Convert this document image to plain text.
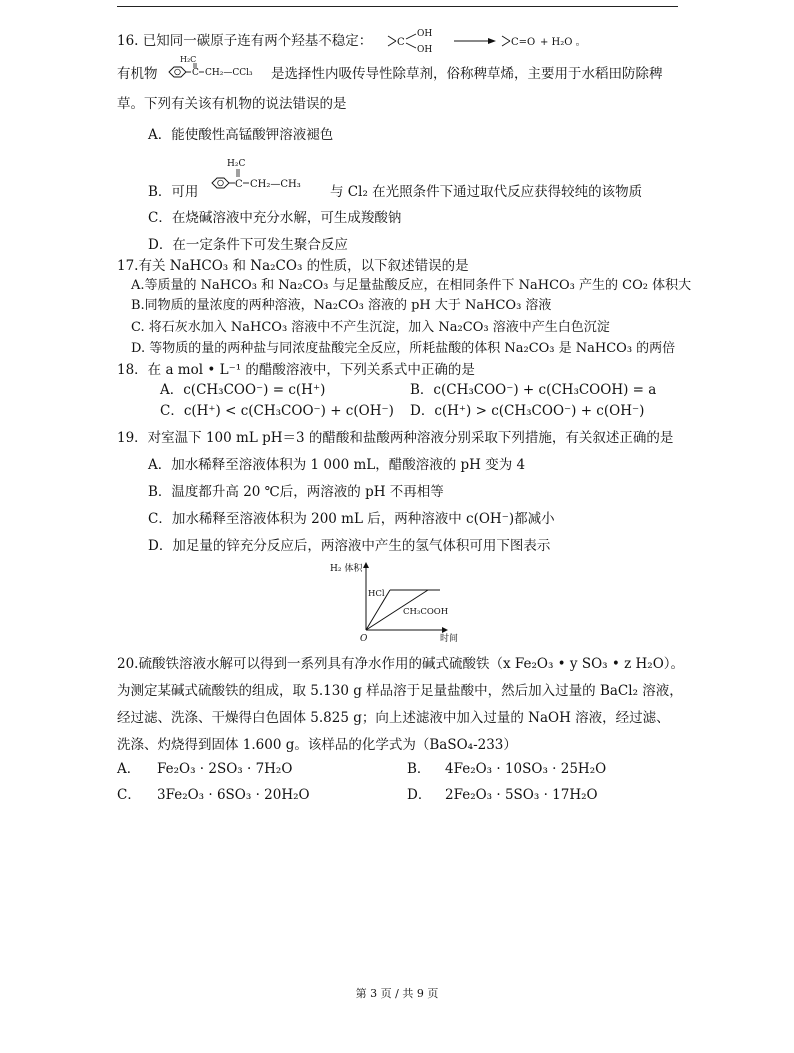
16. 已知同一碳原子连有两个羟基不稳定： C
OH
OH
C=O + H₂O 。
有机物
H₂C
C CH₂—CCl₃ 是选择性内吸传导性除草剂，俗称稗草烯，主要用于水稻田防除稗
草。下列有关该有机物的说法错误的是
A．能使酸性高锰酸钾溶液褪色
B．可用
H₂C
C CH₂—CH₃ 与 Cl₂ 在光照条件下通过取代反应获得较纯的该物质
C．在烧碱溶液中充分水解，可生成羧酸钠
D．在一定条件下可发生聚合反应
17.有关 NaHCO₃ 和 Na₂CO₃ 的性质，以下叙述错误的是
A.等质量的 NaHCO₃ 和 Na₂CO₃ 与足量盐酸反应，在相同条件下 NaHCO₃ 产生的 CO₂ 体积大
B.同物质的量浓度的两种溶液，Na₂CO₃ 溶液的 pH 大于 NaHCO₃ 溶液
C. 将石灰水加入 NaHCO₃ 溶液中不产生沉淀，加入 Na₂CO₃ 溶液中产生白色沉淀
D. 等物质的量的两种盐与同浓度盐酸完全反应，所耗盐酸的体积 Na₂CO₃ 是 NaHCO₃ 的两倍
18．在 a mol • L⁻¹ 的醋酸溶液中，下列关系式中正确的是
A．c(CH₃COO⁻) = c(H⁺)	B．c(CH₃COO⁻) + c(CH₃COOH) = a
C．c(H⁺) < c(CH₃COO⁻) + c(OH⁻) D．c(H⁺) > c(CH₃COO⁻) + c(OH⁻)
19．对室温下 100 mL pH＝3 的醋酸和盐酸两种溶液分别采取下列措施，有关叙述正确的是
A．加水稀释至溶液体积为 1 000 mL，醋酸溶液的 pH 变为 4
B．温度都升高 20 ℃后，两溶液的 pH 不再相等
C．加水稀释至溶液体积为 200 mL 后，两种溶液中 c(OH⁻)都减小
D．加足量的锌充分反应后，两溶液中产生的氢气体积可用下图表示
H₂ 体积
HCl
CH₃COOH
O	时间
20.硫酸铁溶液水解可以得到一系列具有净水作用的碱式硫酸铁（x Fe₂O₃ • y SO₃ • z H₂O）。
为测定某碱式硫酸铁的组成，取 5.130 g 样品溶于足量盐酸中，然后加入过量的 BaCl₂ 溶液，
经过滤、洗涤、干燥得白色固体 5.825 g；向上述滤液中加入过量的 NaOH 溶液，经过滤、
洗涤、灼烧得到固体 1.600 g。该样品的化学式为（BaSO₄-233）
A． Fe₂O₃ · 2SO₃ · 7H₂O	B． 4Fe₂O₃ · 10SO₃ · 25H₂O
C． 3Fe₂O₃ · 6SO₃ · 20H₂O	D． 2Fe₂O₃ · 5SO₃ · 17H₂O
第 3 页 / 共 9 页
